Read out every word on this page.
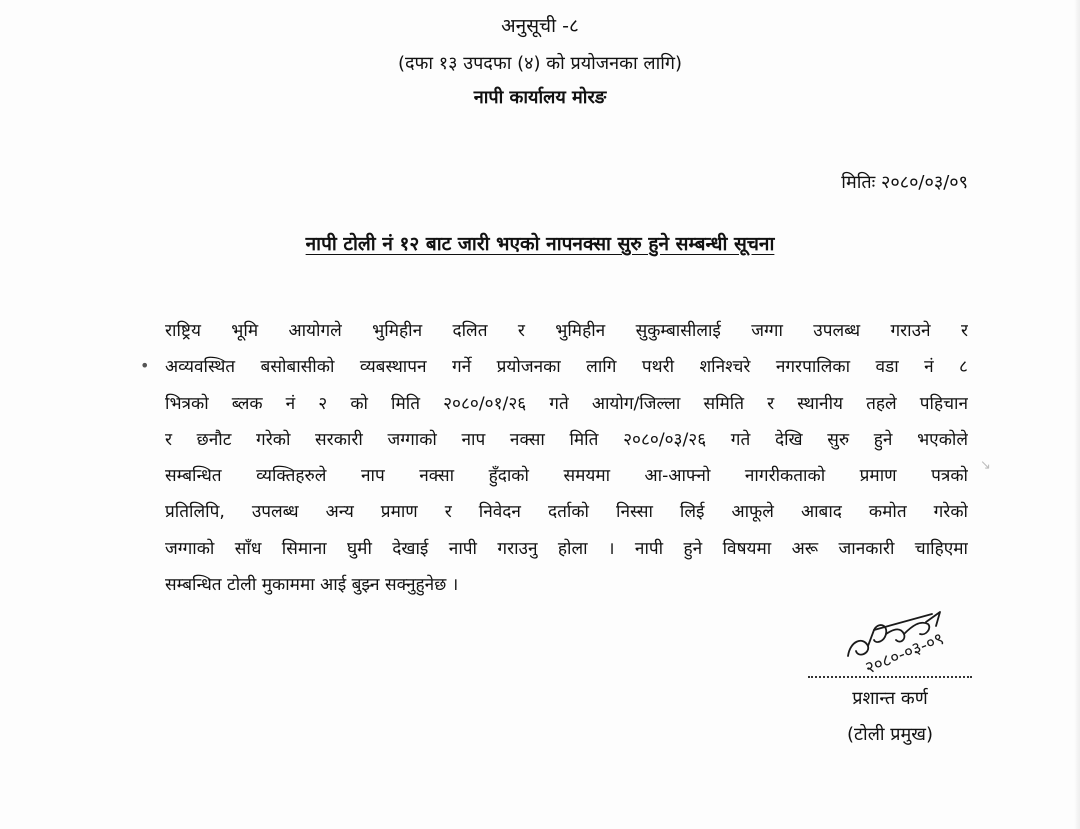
अनुसूची -८
(दफा १३ उपदफा (४) को प्रयोजनका लागि)
नापी कार्यालय मोरङ
मितिः २०८०/०३/०९
नापी टोली नं १२ बाट जारी भएको नापनक्सा सुरु हुने सम्बन्धी सूचना
•
राष्ट्रिय भूमि आयोगले भुमिहीन दलित र भुमिहीन सुकुम्बासीलाई जग्गा उपलब्ध गराउने र
अव्यवस्थित बसोबासीको व्यबस्थापन गर्ने प्रयोजनका लागि पथरी शनिश्चरे नगरपालिका वडा नं ८
भित्रको ब्लक नं २ को मिति २०८०/०१/२६ गते आयोग/जिल्ला समिति र स्थानीय तहले पहिचान
र छनौट गरेको सरकारी जग्गाको नाप नक्सा मिति २०८०/०३/२६ गते देखि सुरु हुने भएकोले
सम्बन्धित व्यक्तिहरुले नाप नक्सा हुँदाको समयमा आ-आफ्नो नागरीकताको प्रमाण पत्रको
प्रतिलिपि, उपलब्ध अन्य प्रमाण र निवेदन दर्ताको निस्सा लिई आफूले आबाद कमोत गरेको
जग्गाको साँध सिमाना घुमी देखाई नापी गराउनु होला । नापी हुने विषयमा अरू जानकारी चाहिएमा
सम्बन्धित टोली मुकाममा आई बुझ्न सक्नुहुनेछ ।
↘
२०८०-०३-०९
प्रशान्त कर्ण
(टोली प्रमुख)
